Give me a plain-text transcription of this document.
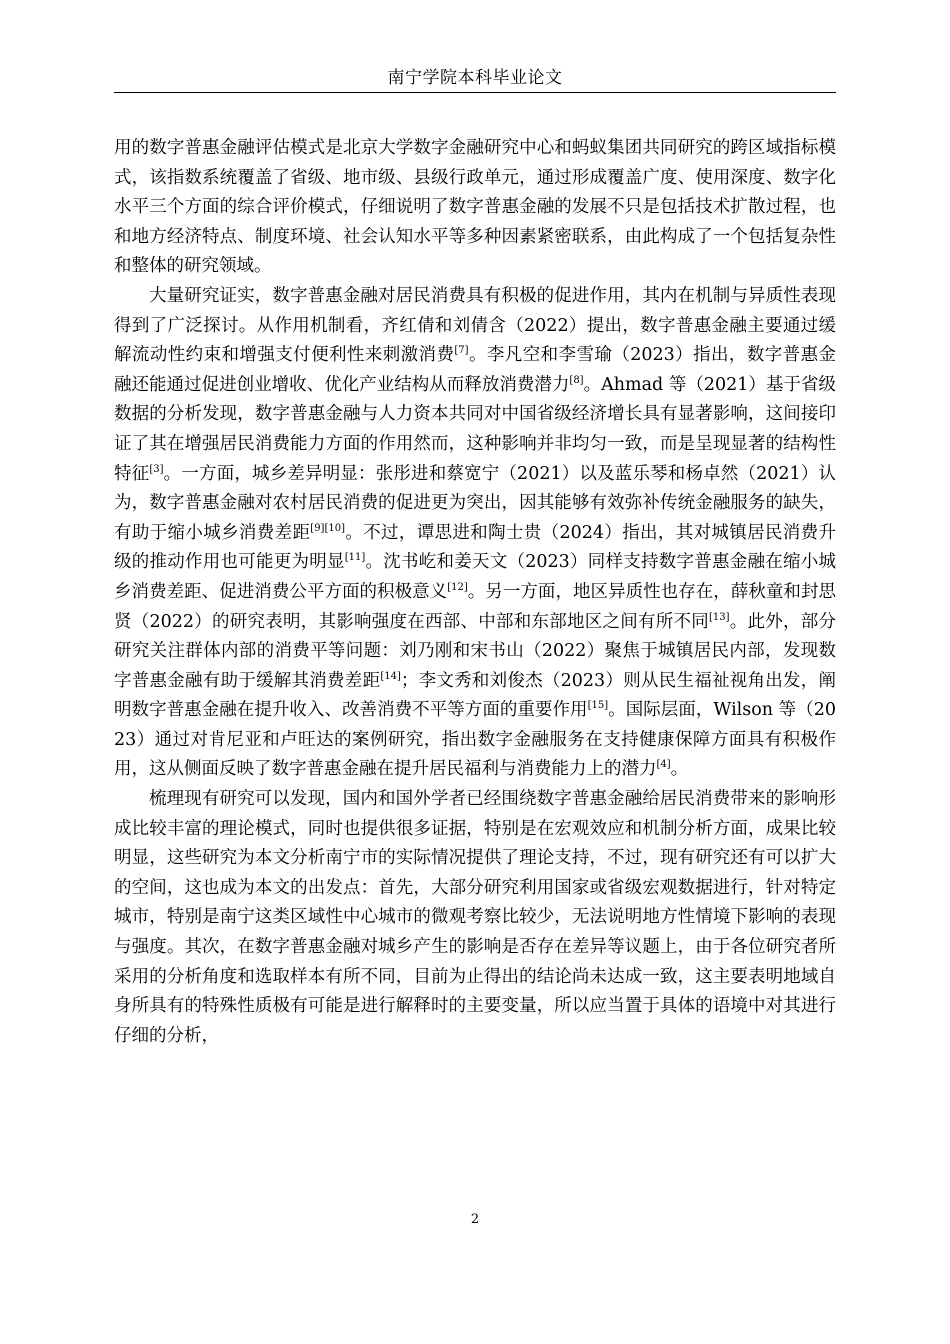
南宁学院本科毕业论文

用的数字普惠金融评估模式是北京大学数字金融研究中心和蚂蚁集团共同研究的跨区域指标模式，该指数系统覆盖了省级、地市级、县级行政单元，通过形成覆盖广度、使用深度、数字化水平三个方面的综合评价模式，仔细说明了数字普惠金融的发展不只是包括技术扩散过程，也和地方经济特点、制度环境、社会认知水平等多种因素紧密联系，由此构成了一个包括复杂性和整体的研究领域。

大量研究证实，数字普惠金融对居民消费具有积极的促进作用，其内在机制与异质性表现得到了广泛探讨。从作用机制看，齐红倩和刘倩含（2022）提出，数字普惠金融主要通过缓解流动性约束和增强支付便利性来刺激消费[7]。李凡空和李雪瑜（2023）指出，数字普惠金融还能通过促进创业增收、优化产业结构从而释放消费潜力[8]。Ahmad 等（2021）基于省级数据的分析发现，数字普惠金融与人力资本共同对中国省级经济增长具有显著影响，这间接印证了其在增强居民消费能力方面的作用然而，这种影响并非均匀一致，而是呈现显著的结构性特征[3]。一方面，城乡差异明显：张彤进和蔡宽宁（2021）以及蓝乐琴和杨卓然（2021）认为，数字普惠金融对农村居民消费的促进更为突出，因其能够有效弥补传统金融服务的缺失，有助于缩小城乡消费差距[9][10]。不过，谭思进和陶士贵（2024）指出，其对城镇居民消费升级的推动作用也可能更为明显[11]。沈书屹和姜天文（2023）同样支持数字普惠金融在缩小城乡消费差距、促进消费公平方面的积极意义[12]。另一方面，地区异质性也存在，薛秋童和封思贤（2022）的研究表明，其影响强度在西部、中部和东部地区之间有所不同[13]。此外，部分研究关注群体内部的消费平等问题：刘乃刚和宋书山（2022）聚焦于城镇居民内部，发现数字普惠金融有助于缓解其消费差距[14]；李文秀和刘俊杰（2023）则从民生福祉视角出发，阐明数字普惠金融在提升收入、改善消费不平等方面的重要作用[15]。国际层面，Wilson 等（2023）通过对肯尼亚和卢旺达的案例研究，指出数字金融服务在支持健康保障方面具有积极作用，这从侧面反映了数字普惠金融在提升居民福利与消费能力上的潜力[4]。

梳理现有研究可以发现，国内和国外学者已经围绕数字普惠金融给居民消费带来的影响形成比较丰富的理论模式，同时也提供很多证据，特别是在宏观效应和机制分析方面，成果比较明显，这些研究为本文分析南宁市的实际情况提供了理论支持，不过，现有研究还有可以扩大的空间，这也成为本文的出发点：首先，大部分研究利用国家或省级宏观数据进行，针对特定城市，特别是南宁这类区域性中心城市的微观考察比较少，无法说明地方性情境下影响的表现与强度。其次，在数字普惠金融对城乡产生的影响是否存在差异等议题上，由于各位研究者所采用的分析角度和选取样本有所不同，目前为止得出的结论尚未达成一致，这主要表明地域自身所具有的特殊性质极有可能是进行解释时的主要变量，所以应当置于具体的语境中对其进行仔细的分析，

2
